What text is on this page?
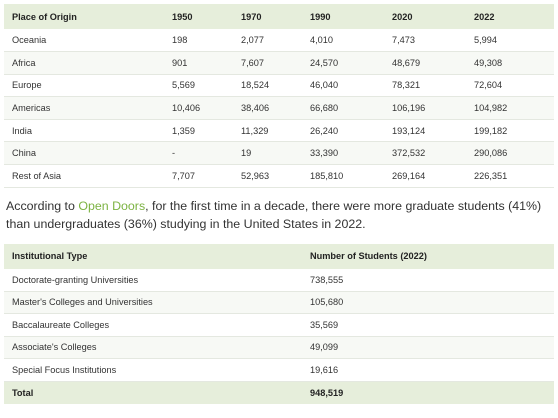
Place of Origin	1950	1970	1990	2020	2022
Oceania	198	2,077	4,010	7,473	5,994
Africa	901	7,607	24,570	48,679	49,308
Europe	5,569	18,524	46,040	78,321	72,604
Americas	10,406	38,406	66,680	106,196	104,982
India	1,359	11,329	26,240	193,124	199,182
China	-	19	33,390	372,532	290,086
Rest of Asia	7,707	52,963	185,810	269,164	226,351

According to Open Doors, for the first time in a decade, there were more graduate students (41%) than undergraduates (36%) studying in the United States in 2022.

Institutional Type	Number of Students (2022)
Doctorate-granting Universities	738,555
Master's Colleges and Universities	105,680
Baccalaureate Colleges	35,569
Associate's Colleges	49,099
Special Focus Institutions	19,616
Total	948,519
